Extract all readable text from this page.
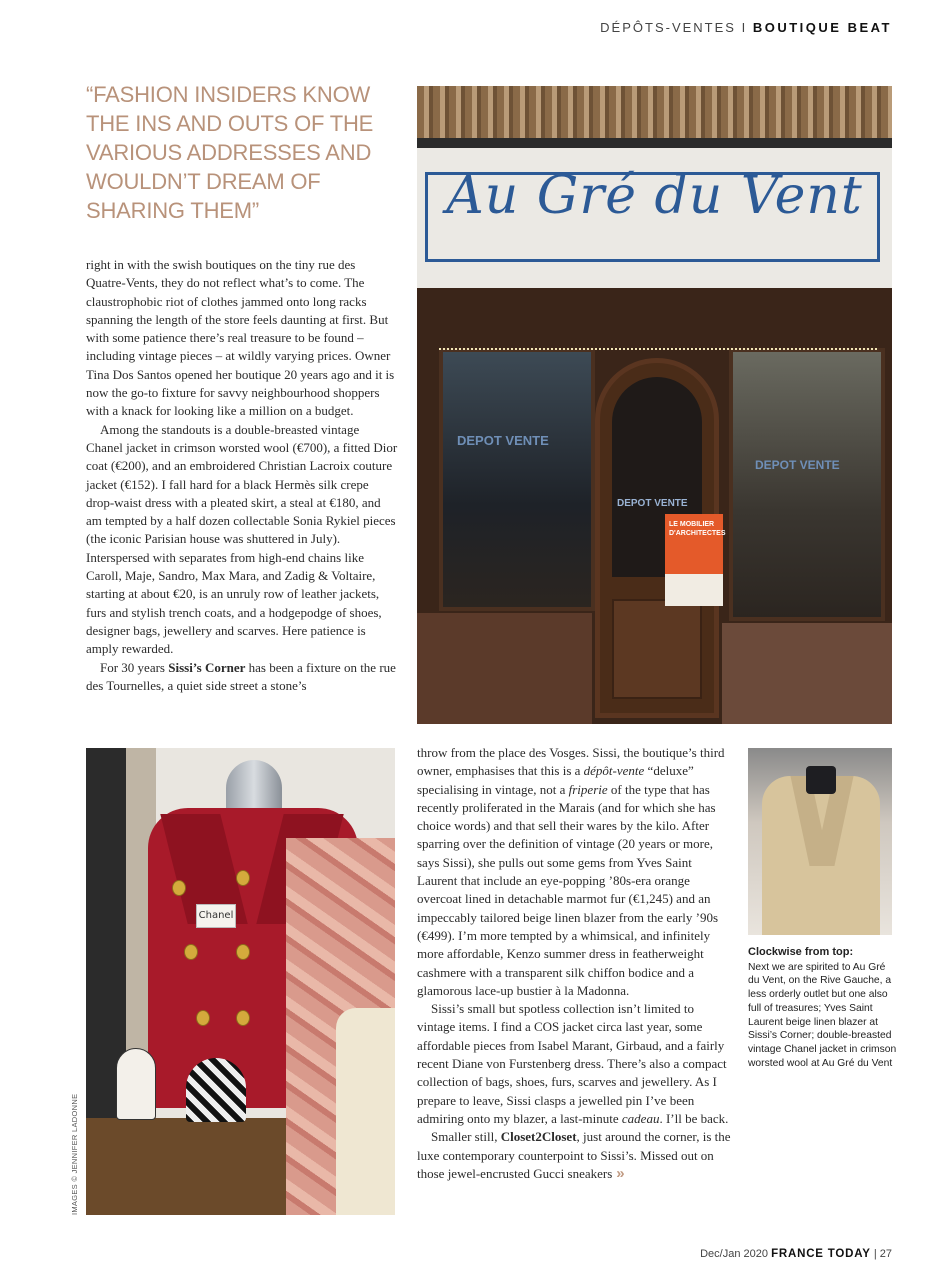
DÉPÔTS-VENTES I BOUTIQUE BEAT
“FASHION INSIDERS KNOW THE INS AND OUTS OF THE VARIOUS ADDRESSES AND WOULDN’T DREAM OF SHARING THEM”

right in with the swish boutiques on the tiny rue des Quatre-Vents, they do not reflect what’s to come. The claustrophobic riot of clothes jammed onto long racks spanning the length of the store feels daunting at first. But with some patience there’s real treasure to be found – including vintage pieces – at wildly varying prices. Owner Tina Dos Santos opened her boutique 20 years ago and it is now the go-to fixture for savvy neighbourhood shoppers with a knack for looking like a million on a budget.

Among the standouts is a double-breasted vintage Chanel jacket in crimson worsted wool (€700), a fitted Dior coat (€200), and an embroidered Christian Lacroix couture jacket (€152). I fall hard for a black Hermès silk crepe drop-waist dress with a pleated skirt, a steal at €180, and am tempted by a half dozen collectable Sonia Rykiel pieces (the iconic Parisian house was shuttered in July). Interspersed with separates from high-end chains like Caroll, Maje, Sandro, Max Mara, and Zadig & Voltaire, starting at about €20, is an unruly row of leather jackets, furs and stylish trench coats, and a hodgepodge of shoes, designer bags, jewellery and scarves. Here patience is amply rewarded.

For 30 years Sissi’s Corner has been a fixture on the rue des Tournelles, a quiet side street a stone’s

Au Gré du Vent
DEPOT VENTE
DEPOT VENTE
DEPOT VENTE
LE MOBILIER D'ARCHITECTES
Chanel

throw from the place des Vosges. Sissi, the boutique’s third owner, emphasises that this is a dépôt-vente “deluxe” specialising in vintage, not a friperie of the type that has recently proliferated in the Marais (and for which she has choice words) and that sell their wares by the kilo. After sparring over the definition of vintage (20 years or more, says Sissi), she pulls out some gems from Yves Saint Laurent that include an eye-popping ’80s-era orange overcoat lined in detachable marmot fur (€1,245) and an impeccably tailored beige linen blazer from the early ’90s (€499). I’m more tempted by a whimsical, and infinitely more affordable, Kenzo summer dress in featherweight cashmere with a transparent silk chiffon bodice and a glamorous lace-up bustier à la Madonna.

Sissi’s small but spotless collection isn’t limited to vintage items. I find a COS jacket circa last year, some affordable pieces from Isabel Marant, Girbaud, and a fairly recent Diane von Furstenberg dress. There’s also a compact collection of bags, shoes, furs, scarves and jewellery. As I prepare to leave, Sissi clasps a jewelled pin I’ve been admiring onto my blazer, a last-minute cadeau. I’ll be back.

Smaller still, Closet2Closet, just around the corner, is the luxe contemporary counterpoint to Sissi’s. Missed out on those jewel-encrusted Gucci sneakers »

Clockwise from top:
Next we are spirited to Au Gré du Vent, on the Rive Gauche, a less orderly outlet but one also full of treasures; Yves Saint Laurent beige linen blazer at Sissi’s Corner; double-breasted vintage Chanel jacket in crimson worsted wool at Au Gré du Vent
IMAGES © JENNIFER LADONNE
Dec/Jan 2020 FRANCE TODAY | 27
